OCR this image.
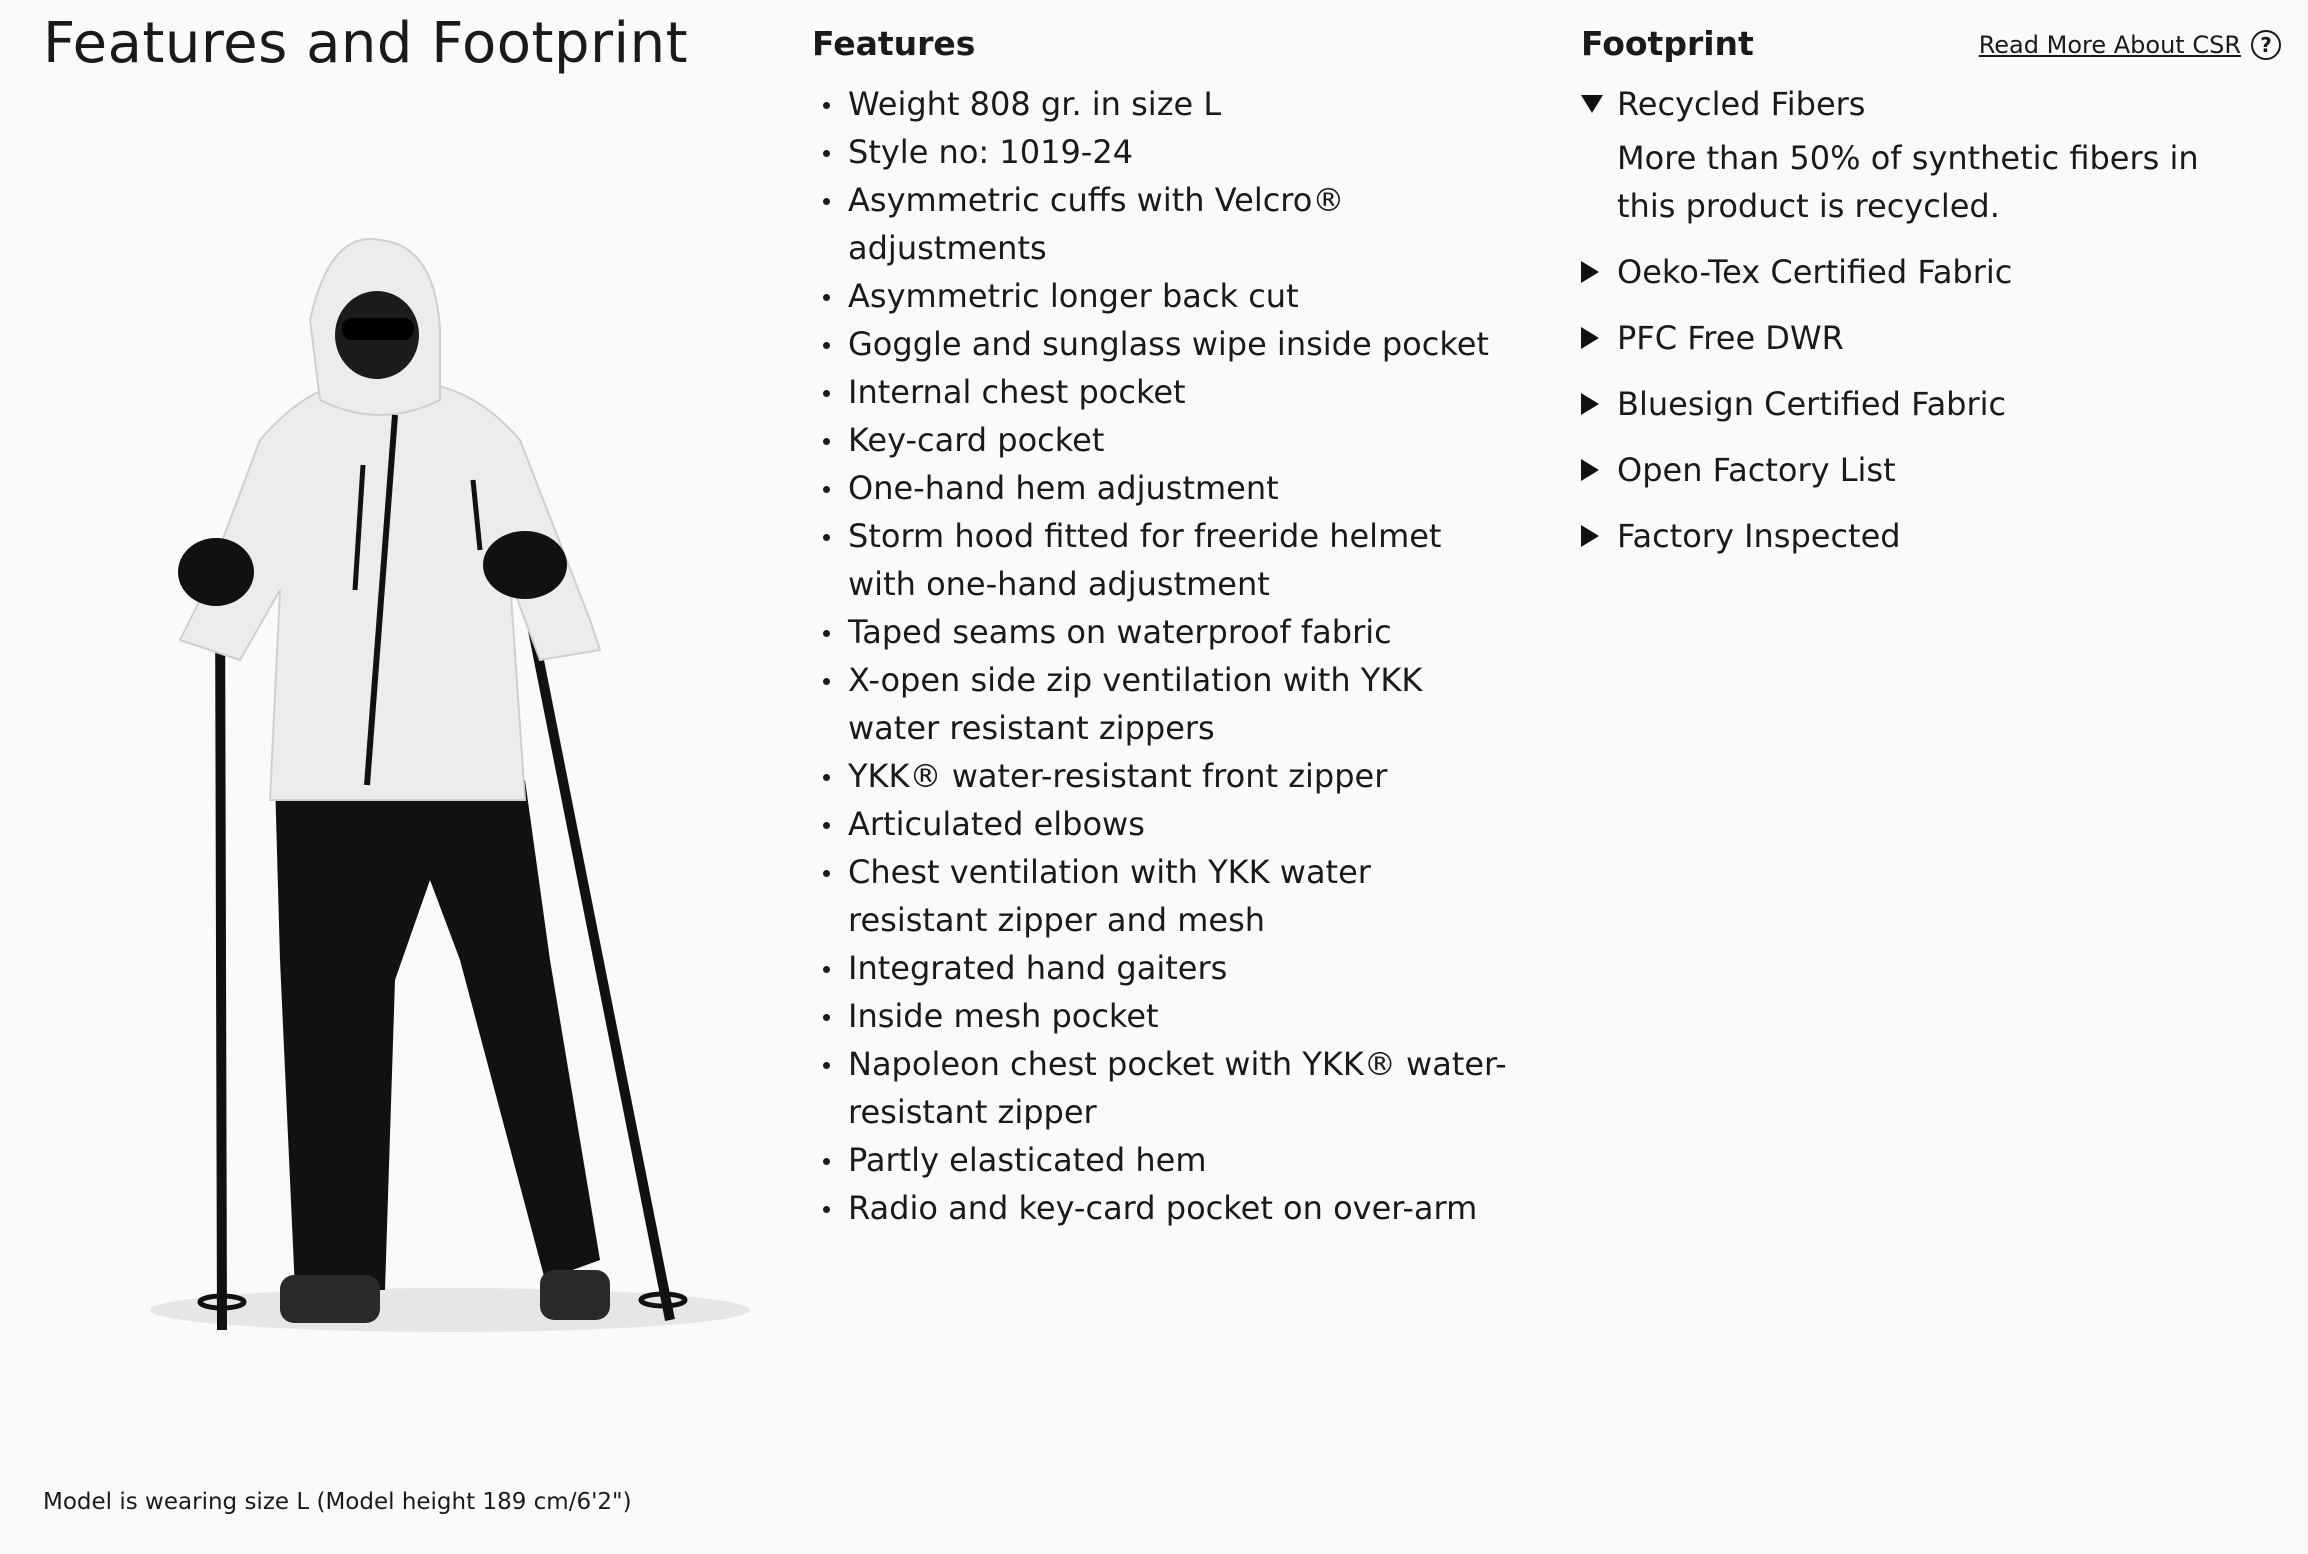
Features and Footprint
Model is wearing size L (Model height 189 cm/6'2")
Features
Weight 808 gr. in size L
Style no: 1019-24
Asymmetric cuffs with Velcro® adjustments
Asymmetric longer back cut
Goggle and sunglass wipe inside pocket
Internal chest pocket
Key-card pocket
One-hand hem adjustment
Storm hood fitted for freeride helmet with one-hand adjustment
Taped seams on waterproof fabric
X-open side zip ventilation with YKK water resistant zippers
YKK® water-resistant front zipper
Articulated elbows
Chest ventilation with YKK water resistant zipper and mesh
Integrated hand gaiters
Inside mesh pocket
Napoleon chest pocket with YKK® water-resistant zipper
Partly elasticated hem
Radio and key-card pocket on over-arm
Footprint	Read More About CSR ?
Recycled Fibers
More than 50% of synthetic fibers in this product is recycled.
Oeko-Tex Certified Fabric
PFC Free DWR
Bluesign Certified Fabric
Open Factory List
Factory Inspected
